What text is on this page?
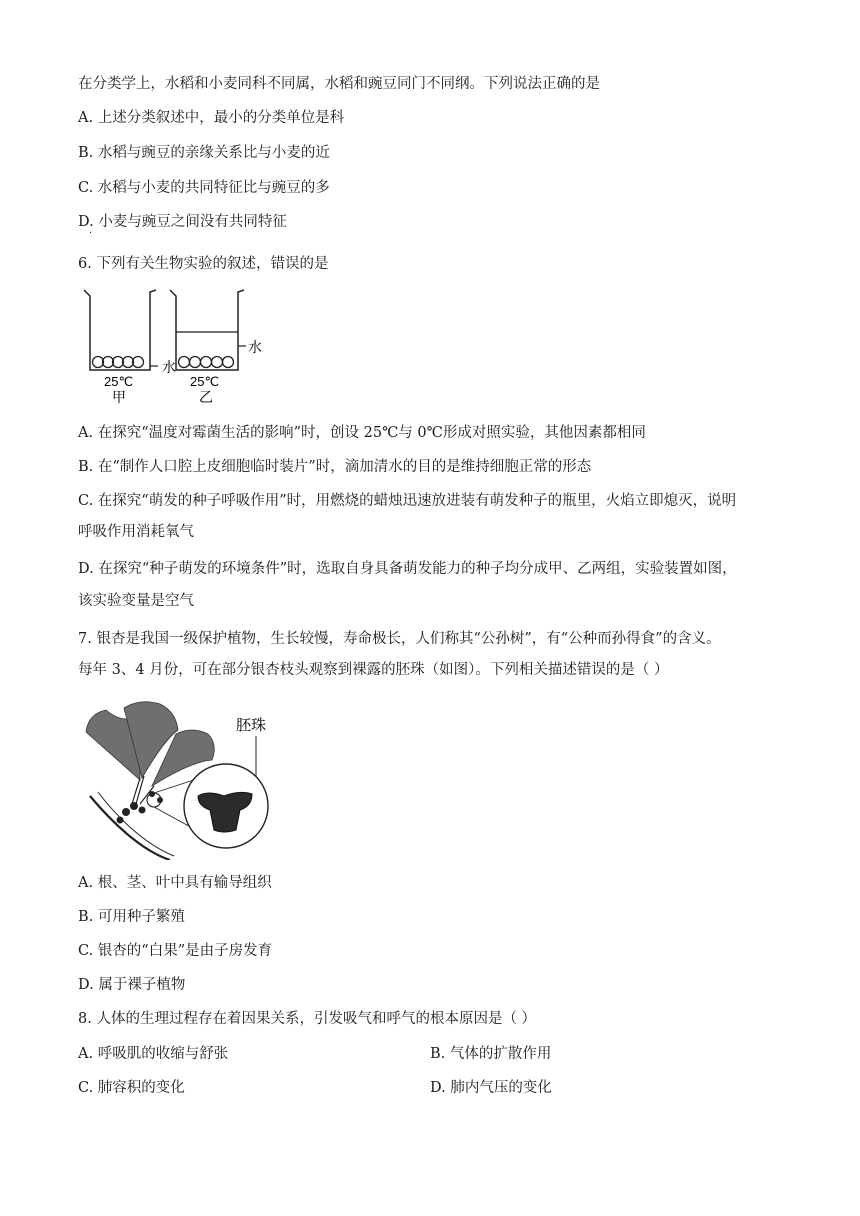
在分类学上，水稻和小麦同科不同属，水稻和豌豆同门不同纲。下列说法正确的是
A. 上述分类叙述中，最小的分类单位是科
B. 水稻与豌豆的亲缘关系比与小麦的近
C. 水稻与小麦的共同特征比与豌豆的多
D. 小麦与豌豆之间没有共同特征
·
6. 下列有关生物实验的叙述，错误的是
水
水
25℃	25℃
甲	乙
A. 在探究“温度对霉菌生活的影响”时，创设 25℃与 0℃形成对照实验，其他因素都相同
B. 在“制作人口腔上皮细胞临时装片”时，滴加清水的目的是维持细胞正常的形态
C. 在探究“萌发的种子呼吸作用”时，用燃烧的蜡烛迅速放进装有萌发种子的瓶里，火焰立即熄灭，说明
呼吸作用消耗氧气
D. 在探究“种子萌发的环境条件”时，选取自身具备萌发能力的种子均分成甲、乙两组，实验装置如图，
该实验变量是空气
7. 银杏是我国一级保护植物，生长较慢，寿命极长，人们称其“公孙树”，有“公种而孙得食”的含义。
每年 3、4 月份，可在部分银杏枝头观察到裸露的胚珠（如图）。下列相关描述错误的是（ ）
胚珠
A. 根、茎、叶中具有输导组织
B. 可用种子繁殖
C. 银杏的“白果”是由子房发育
D. 属于裸子植物
8. 人体的生理过程存在着因果关系，引发吸气和呼气的根本原因是（ ）
A. 呼吸肌的收缩与舒张	B. 气体的扩散作用
C. 肺容积的变化	D. 肺内气压的变化
